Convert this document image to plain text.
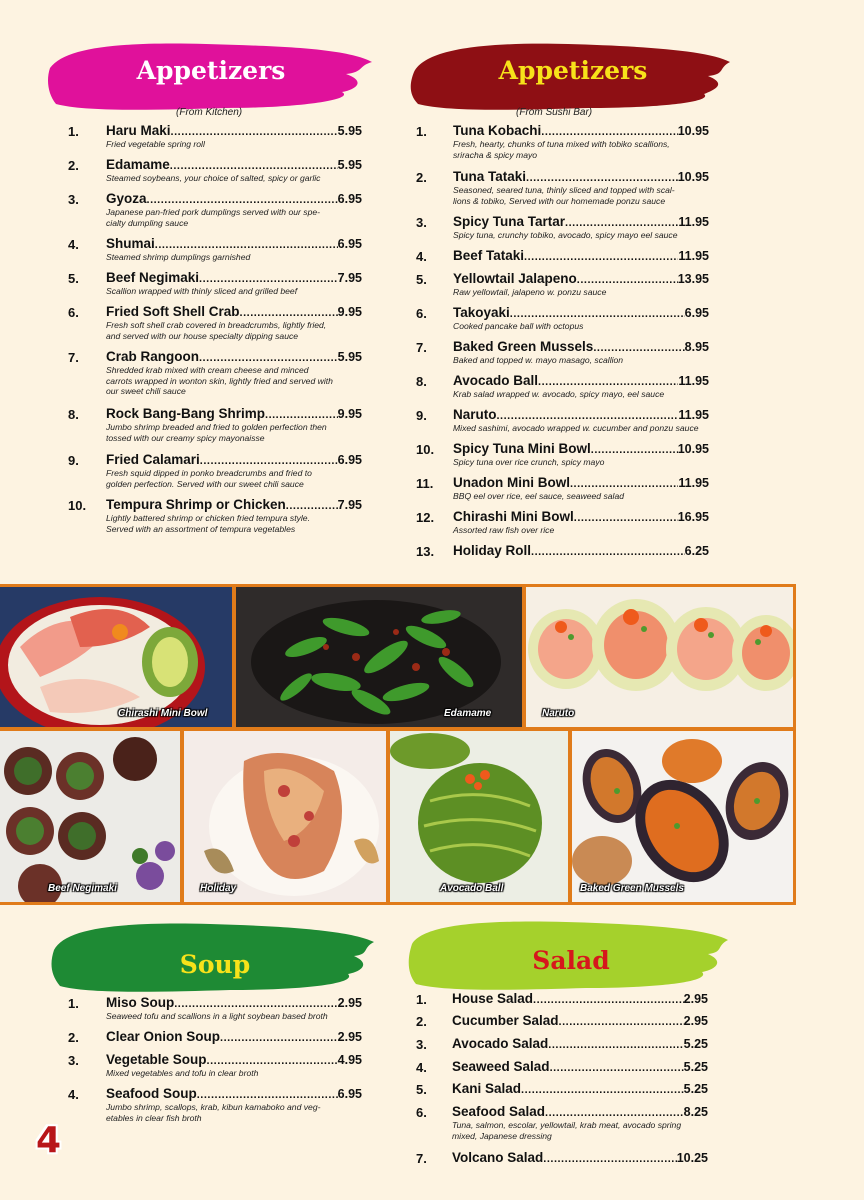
Appetizers
(From Kitchen)
1. Haru Maki .....	5.95
Fried vegetable spring roll
2. Edamame .....	5.95
Steamed soybeans, your choice of salted, spicy or garlic
3. Gyoza .....	6.95
Japanese pan-fried pork dumplings served with our spe-
cialty dumpling sauce
4. Shumai .....	6.95
Steamed shrimp dumplings garnished
5. Beef Negimaki .....	7.95
Scallion wrapped with thinly sliced and grilled beef
6. Fried Soft Shell Crab .....	9.95
Fresh soft shell crab covered in breadcrumbs, lightly fried,
and served with our house specialty dipping sauce
7. Crab Rangoon .....	5.95
Shredded krab mixed with cream cheese and minced
carrots wrapped in wonton skin, lightly fried and served with
our sweet chili sauce
8. Rock Bang-Bang Shrimp .....	9.95
Jumbo shrimp breaded and fried to golden perfection then
tossed with our creamy spicy mayonaisse
9. Fried Calamari .....	6.95
Fresh squid dipped in ponko breadcrumbs and fried to
golden perfection. Served with our sweet chili sauce
10. Tempura Shrimp or Chicken .....	7.95
Lightly battered shrimp or chicken fried tempura style.
Served with an assortment of tempura vegetables
Appetizers
(From Sushi Bar)
1. Tuna Kobachi .....	10.95
Fresh, hearty, chunks of tuna mixed with tobiko scallions,
sriracha & spicy mayo
2. Tuna Tataki .....	10.95
Seasoned, seared tuna, thinly sliced and topped with scal-
lions & tobiko, Served with our homemade ponzu sauce
3. Spicy Tuna Tartar .....	11.95
Spicy tuna, crunchy tobiko, avocado, spicy mayo eel sauce
4. Beef Tataki .....	11.95
5. Yellowtail Jalapeno .....	13.95
Raw yellowtail, jalapeno w. ponzu sauce
6. Takoyaki .....	6.95
Cooked pancake ball with octopus
7. Baked Green Mussels .....	8.95
Baked and topped w. mayo masago, scallion
8. Avocado Ball .....	11.95
Krab salad wrapped w. avocado, spicy mayo, eel sauce
9. Naruto .....	11.95
Mixed sashimi, avocado wrapped w. cucumber and ponzu sauce
10. Spicy Tuna Mini Bowl .....	10.95
Spicy tuna over rice crunch, spicy mayo
11. Unadon Mini Bowl .....	11.95
BBQ eel over rice, eel sauce, seaweed salad
12. Chirashi Mini Bowl .....	16.95
Assorted raw fish over rice
13. Holiday Roll .....	6.25
Chirashi Mini Bowl	Edamame	Naruto
Beef Negimaki	Holiday	Avocado Ball	Baked Green Mussels
Soup
1. Miso Soup .....	2.95
Seaweed tofu and scallions in a light soybean based broth
2. Clear Onion Soup .....	2.95
3. Vegetable Soup .....	4.95
Mixed vegetables and tofu in clear broth
4. Seafood Soup .....	6.95
Jumbo shrimp, scallops, krab, kibun kamaboko and veg-
etables in clear fish broth
Salad
1. House Salad .....	2.95
2. Cucumber Salad .....	2.95
3. Avocado Salad .....	5.25
4. Seaweed Salad .....	5.25
5. Kani Salad .....	5.25
6. Seafood Salad .....	8.25
Tuna, salmon, escolar, yellowtail, krab meat, avocado spring
mixed, Japanese dressing
7. Volcano Salad .....	10.25
4
